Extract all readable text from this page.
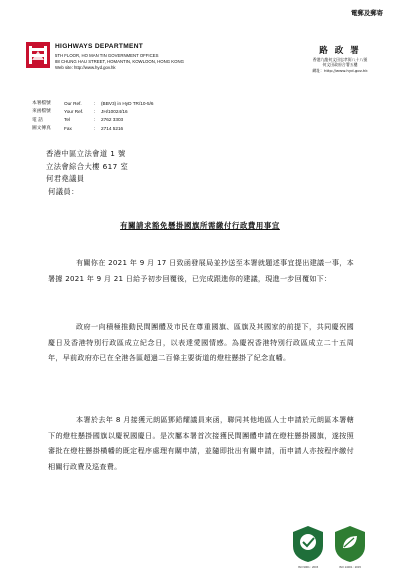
電郵及郵寄
HIGHWAYS DEPARTMENT
5TH FLOOR, HO MAN TIN GOVERNMENT OFFICES
88 CHUNG HAU STREET, HOMANTIN, KOWLOON, HONG KONG
Web site: http://www.hyd.gov.hk
路 政 署
香港九龍何文田忠孝街八十八號
何文田政府合署五樓
網址：http://www.hyd.gov.hk
本署檔號	Our Ref.	:	(BBV3) in HyD TR/10-5/6
來函檔號	Your Ref.	:	JH/10024/16
電 話	Tel	:	2762 3303
圖文傳真	Fax	:	2714 5216
香港中區立法會道 1 號
立法會綜合大樓 617 室
何君堯議員
何議員：
有關請求豁免懸掛國旗所需繳付行政費用事宜
有關你在 2021 年 9 月 17 日致函發展局並抄送至本署就題述事宜提出建議一事，本署據 2021 年 9 月 21 日給予初步回覆後，已完成跟進你的建議，現進一步回覆如下：
政府一向積極推動民間團體及市民在尊重國旗、區旗及其國家的前提下，共同慶祝國慶日及香港特別行政區成立紀念日，以表達愛國情感。為慶祝香港特別行政區成立二十五周年，早前政府亦已在全港各區超過二百條主要街道的燈柱懸掛了紀念直幡。
本署於去年 8 月接獲元朗區鄧鉛耀議員來函，聯同其他地區人士申請於元朗區本署轄下的燈柱懸掛國旗以慶祝國慶日。是次屬本署首次接獲民間團體申請在燈柱懸掛國旗，遂按照審批在燈柱懸掛橫幡的既定程序處理有關申請，並隨即批出有關申請，而申請人亦按程序繳付相關行政費及巡查費。
ISO 9001 : 2015	ISO 14001 : 2015
